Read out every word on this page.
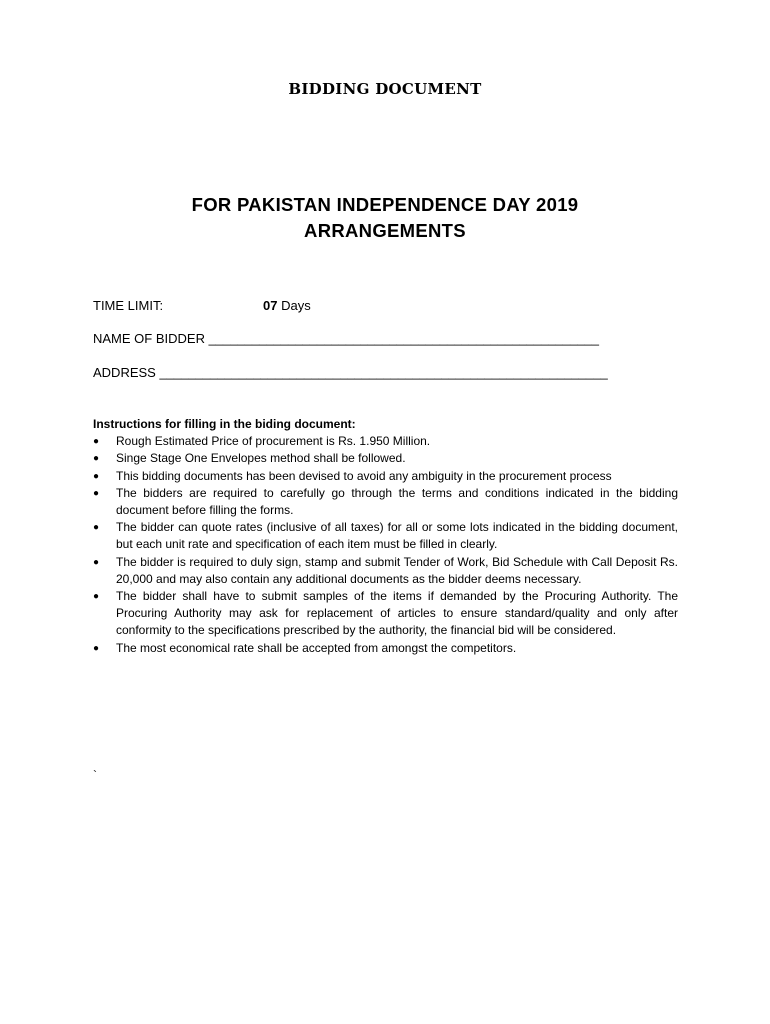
BIDDING DOCUMENT
FOR PAKISTAN INDEPENDENCE DAY 2019
ARRANGEMENTS
TIME LIMIT:	07 Days
NAME OF BIDDER ______________________________________________________
ADDRESS ______________________________________________________________
Instructions for filling in the biding document:
● Rough Estimated Price of procurement is Rs. 1.950 Million.
● Singe Stage One Envelopes method shall be followed.
● This bidding documents has been devised to avoid any ambiguity in the procurement process
● The bidders are required to carefully go through the terms and conditions indicated in the bidding document before filling the forms.
● The bidder can quote rates (inclusive of all taxes) for all or some lots indicated in the bidding document, but each unit rate and specification of each item must be filled in clearly.
● The bidder is required to duly sign, stamp and submit Tender of Work, Bid Schedule with Call Deposit Rs. 20,000 and may also contain any additional documents as the bidder deems necessary.
● The bidder shall have to submit samples of the items if demanded by the Procuring Authority. The Procuring Authority may ask for replacement of articles to ensure standard/quality and only after conformity to the specifications prescribed by the authority, the financial bid will be considered.
● The most economical rate shall be accepted from amongst the competitors.
`
